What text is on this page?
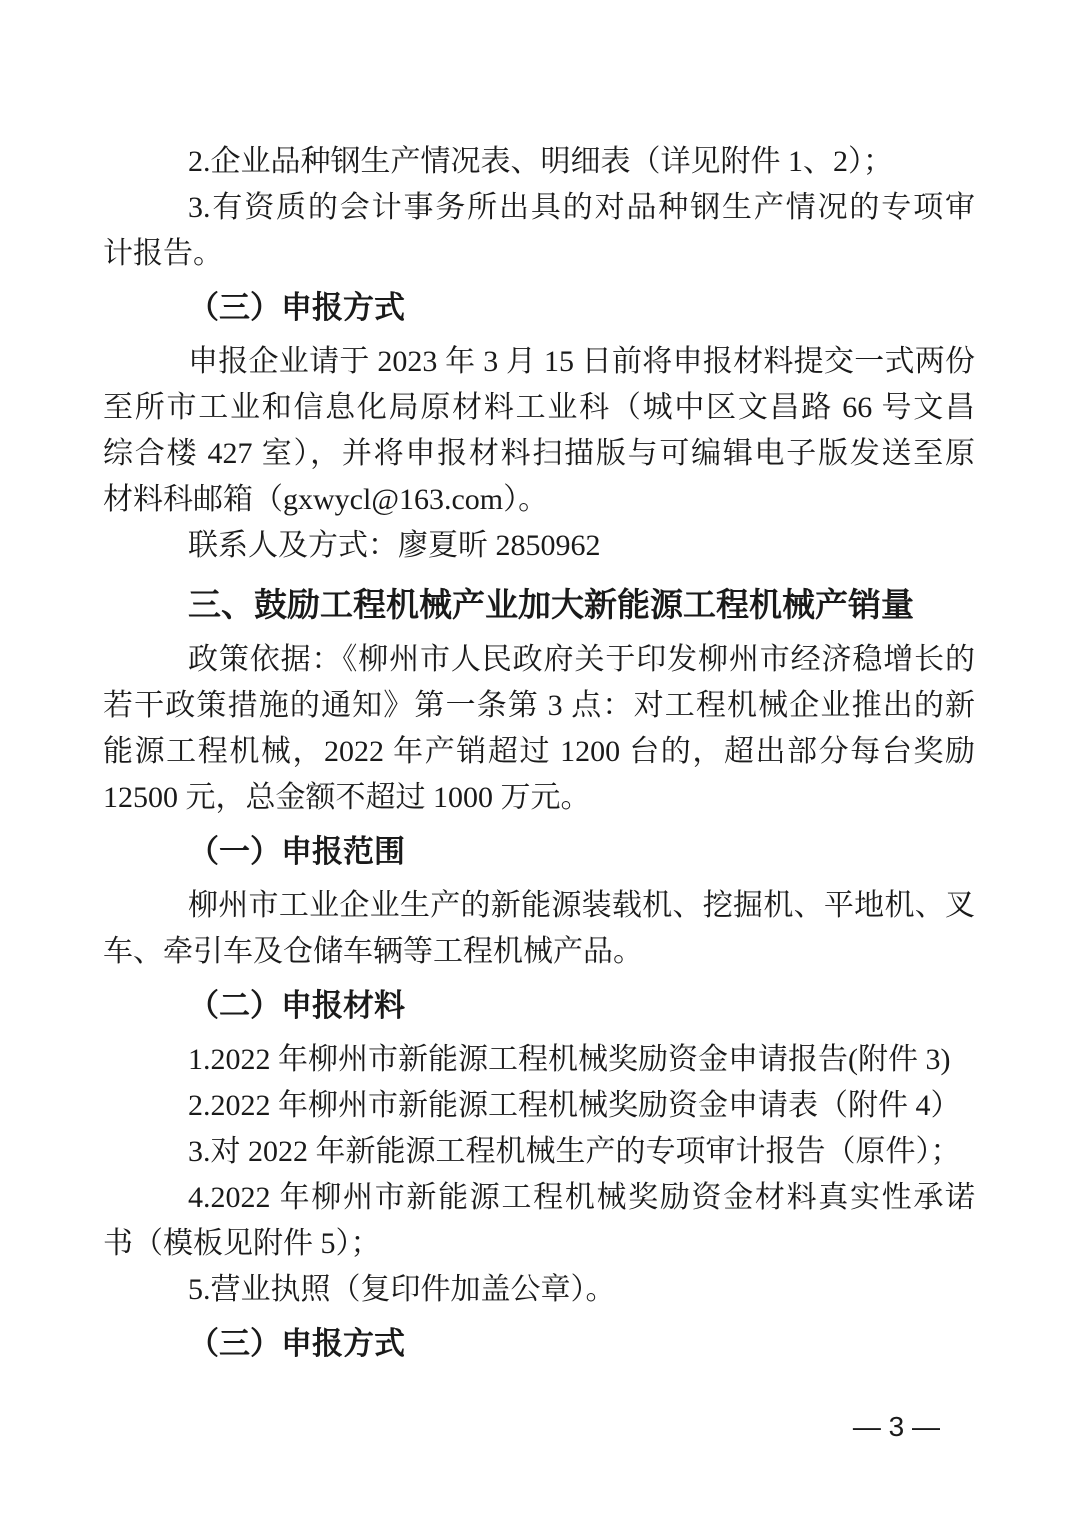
2.企业品种钢生产情况表、明细表（详见附件 1、2）；
3.有资质的会计事务所出具的对品种钢生产情况的专项审
计报告。
（三）申报方式
申报企业请于 2023 年 3 月 15 日前将申报材料提交一式两份
至所市工业和信息化局原材料工业科（城中区文昌路 66 号文昌
综合楼 427 室），并将申报材料扫描版与可编辑电子版发送至原
材料科邮箱（gxwycl@163.com）。
联系人及方式：廖夏昕 2850962
三、鼓励工程机械产业加大新能源工程机械产销量
政策依据：《柳州市人民政府关于印发柳州市经济稳增长的
若干政策措施的通知》第一条第 3 点：对工程机械企业推出的新
能源工程机械，2022 年产销超过 1200 台的，超出部分每台奖励
12500 元，总金额不超过 1000 万元。
（一）申报范围
柳州市工业企业生产的新能源装载机、挖掘机、平地机、叉
车、牵引车及仓储车辆等工程机械产品。
（二）申报材料
1.2022 年柳州市新能源工程机械奖励资金申请报告(附件 3)
2.2022 年柳州市新能源工程机械奖励资金申请表（附件 4）
3.对 2022 年新能源工程机械生产的专项审计报告（原件）；
4.2022 年柳州市新能源工程机械奖励资金材料真实性承诺
书（模板见附件 5）；
5.营业执照（复印件加盖公章）。
（三）申报方式
— 3 —
